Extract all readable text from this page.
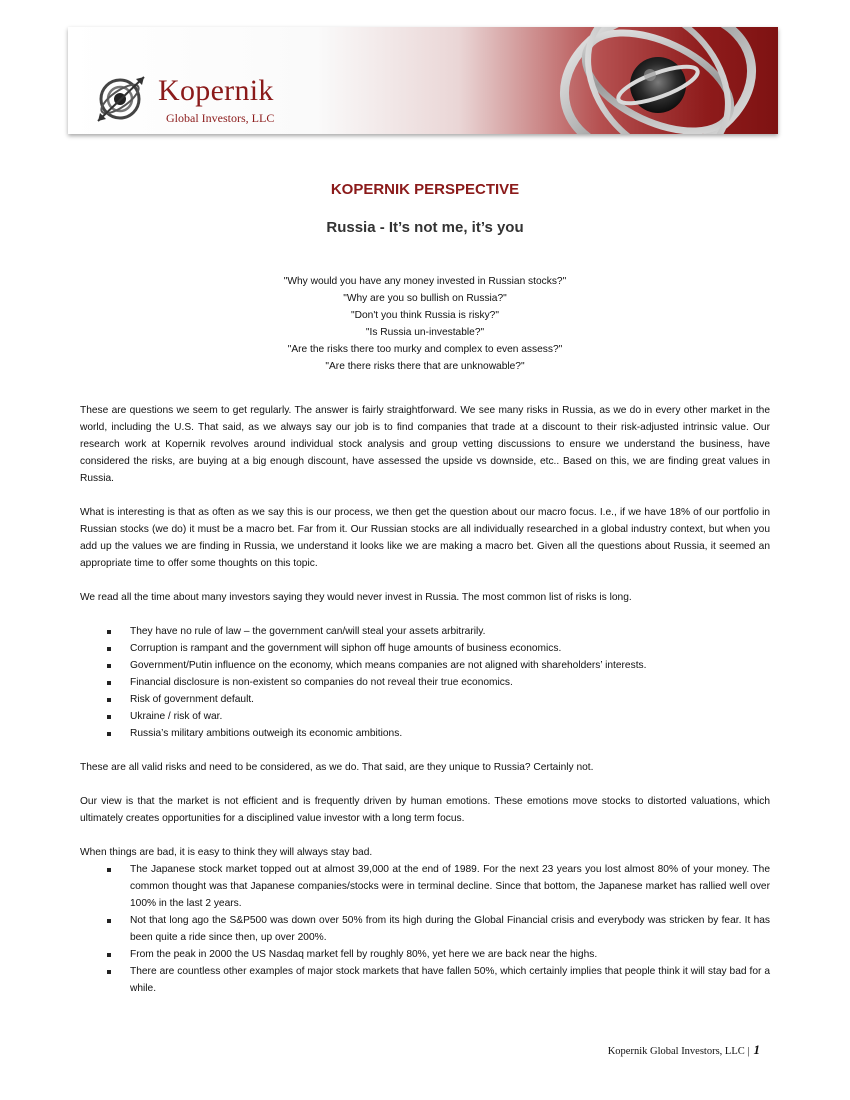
Kopernik
Global Investors, LLC
KOPERNIK PERSPECTIVE
Russia - It’s not me, it’s you
"Why would you have any money invested in Russian stocks?"
"Why are you so bullish on Russia?"
"Don't you think Russia is risky?"
"Is Russia un-investable?"
"Are the risks there too murky and complex to even assess?"
"Are there risks there that are unknowable?"

These are questions we seem to get regularly. The answer is fairly straightforward. We see many risks in Russia, as we do in every other market in the world, including the U.S. That said, as we always say our job is to find companies that trade at a discount to their risk-adjusted intrinsic value. Our research work at Kopernik revolves around individual stock analysis and group vetting discussions to ensure we understand the business, have considered the risks, are buying at a big enough discount, have assessed the upside vs downside, etc.. Based on this, we are finding great values in Russia.

What is interesting is that as often as we say this is our process, we then get the question about our macro focus. I.e., if we have 18% of our portfolio in Russian stocks (we do) it must be a macro bet. Far from it. Our Russian stocks are all individually researched in a global industry context, but when you add up the values we are finding in Russia, we understand it looks like we are making a macro bet. Given all the questions about Russia, it seemed an appropriate time to offer some thoughts on this topic.

We read all the time about many investors saying they would never invest in Russia. The most common list of risks is long.

They have no rule of law – the government can/will steal your assets arbitrarily.
Corruption is rampant and the government will siphon off huge amounts of business economics.
Government/Putin influence on the economy, which means companies are not aligned with shareholders’ interests.
Financial disclosure is non-existent so companies do not reveal their true economics.
Risk of government default.
Ukraine / risk of war.
Russia’s military ambitions outweigh its economic ambitions.

These are all valid risks and need to be considered, as we do. That said, are they unique to Russia? Certainly not.

Our view is that the market is not efficient and is frequently driven by human emotions. These emotions move stocks to distorted valuations, which ultimately creates opportunities for a disciplined value investor with a long term focus.

When things are bad, it is easy to think they will always stay bad.

The Japanese stock market topped out at almost 39,000 at the end of 1989. For the next 23 years you lost almost 80% of your money. The common thought was that Japanese companies/stocks were in terminal decline. Since that bottom, the Japanese market has rallied well over 100% in the last 2 years.
Not that long ago the S&P500 was down over 50% from its high during the Global Financial crisis and everybody was stricken by fear. It has been quite a ride since then, up over 200%.
From the peak in 2000 the US Nasdaq market fell by roughly 80%, yet here we are back near the highs.
There are countless other examples of major stock markets that have fallen 50%, which certainly implies that people think it will stay bad for a while.
Kopernik Global Investors, LLC | 1
